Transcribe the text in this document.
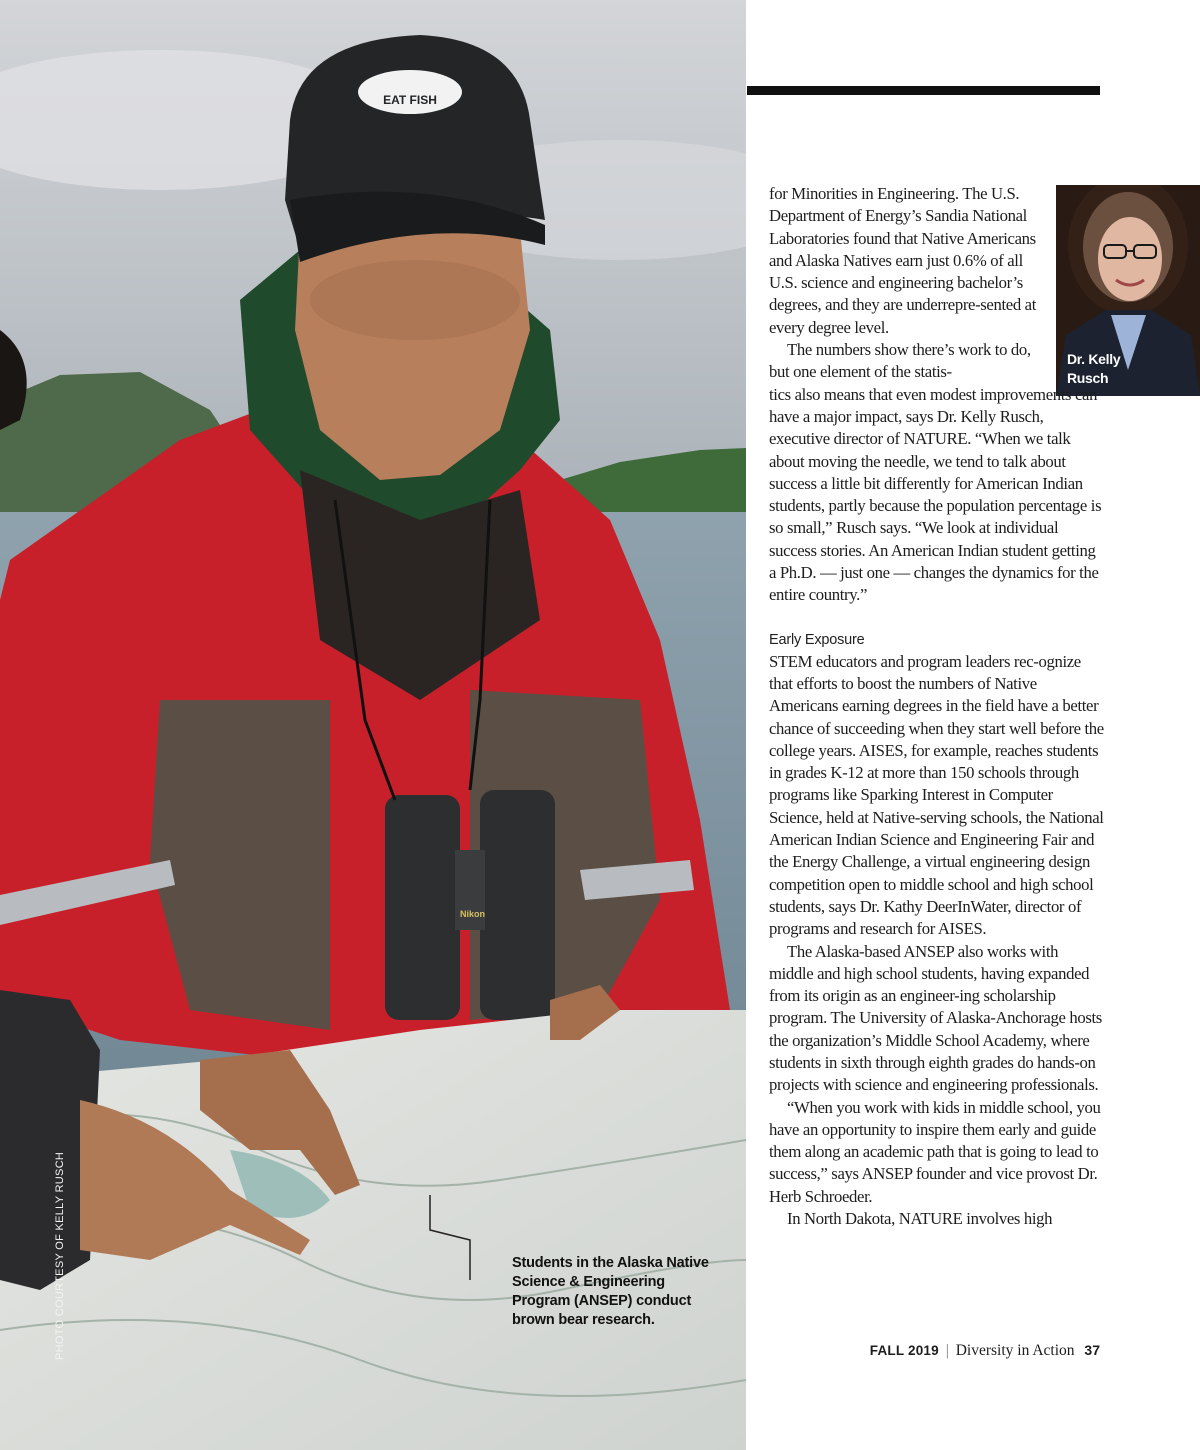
EAT FISH
Nikon
PHOTO COURTESY OF KELLY RUSCH	Students in the Alaska Native Science & Engineering Program (ANSEP) conduct brown bear research.
Dr. Kelly Rusch

for Minorities in Engineering. The U.S. Department of Energy’s Sandia National Laboratories found that Native Americans and Alaska Natives earn just 0.6% of all U.S. science and engineering bachelor’s degrees, and they are underrepre-sented at every degree level.

The numbers show there’s work to do, but one element of the statis-

tics also means that even modest improvements can have a major impact, says Dr. Kelly Rusch, executive director of NATURE. “When we talk about moving the needle, we tend to talk about success a little bit differently for American Indian students, partly because the population percentage is so small,” Rusch says. “We look at individual success stories. An American Indian student getting a Ph.D. — just one — changes the dynamics for the entire country.”

Early Exposure

STEM educators and program leaders rec-ognize that efforts to boost the numbers of Native Americans earning degrees in the field have a better chance of succeeding when they start well before the college years. AISES, for example, reaches students in grades K-12 at more than 150 schools through programs like Sparking Interest in Computer Science, held at Native-serving schools, the National American Indian Science and Engineering Fair and the Energy Challenge, a virtual engineering design competition open to middle school and high school students, says Dr. Kathy DeerInWater, director of programs and research for AISES.

The Alaska-based ANSEP also works with middle and high school students, having expanded from its origin as an engineer-ing scholarship program. The University of Alaska-Anchorage hosts the organization’s Middle School Academy, where students in sixth through eighth grades do hands-on projects with science and engineering professionals.

“When you work with kids in middle school, you have an opportunity to inspire them early and guide them along an academic path that is going to lead to success,” says ANSEP founder and vice provost Dr. Herb Schroeder.

In North Dakota, NATURE involves high

FALL 2019 | Diversity in Action 37
